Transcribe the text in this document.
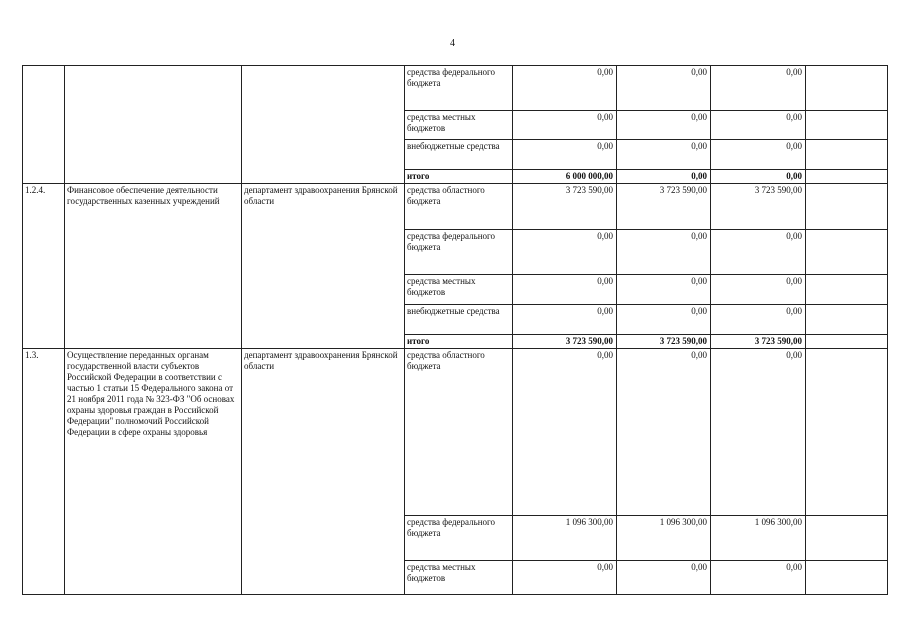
4
			средства федерального бюджета	0,00	0,00	0,00	
			средства местных бюджетов	0,00	0,00	0,00	
			внебюджетные средства	0,00	0,00	0,00	
			итого	6 000 000,00	0,00	0,00	
1.2.4.	Финансовое обеспечение деятельности государственных казенных учреждений	департамент здравоохранения Брянской области	средства областного бюджета	3 723 590,00	3 723 590,00	3 723 590,00	
			средства федерального бюджета	0,00	0,00	0,00	
			средства местных бюджетов	0,00	0,00	0,00	
			внебюджетные средства	0,00	0,00	0,00	
			итого	3 723 590,00	3 723 590,00	3 723 590,00	
1.3.	Осуществление переданных органам государственной власти субъектов Российской Федерации в соответствии с частью 1 статьи 15 Федерального закона от 21 ноября 2011 года № 323-ФЗ "Об основах охраны здоровья граждан в Российской Федерации" полномочий Российской Федерации в сфере охраны здоровья	департамент здравоохранения Брянской области	средства областного бюджета	0,00	0,00	0,00	
			средства федерального бюджета	1 096 300,00	1 096 300,00	1 096 300,00	
			средства местных бюджетов	0,00	0,00	0,00	
